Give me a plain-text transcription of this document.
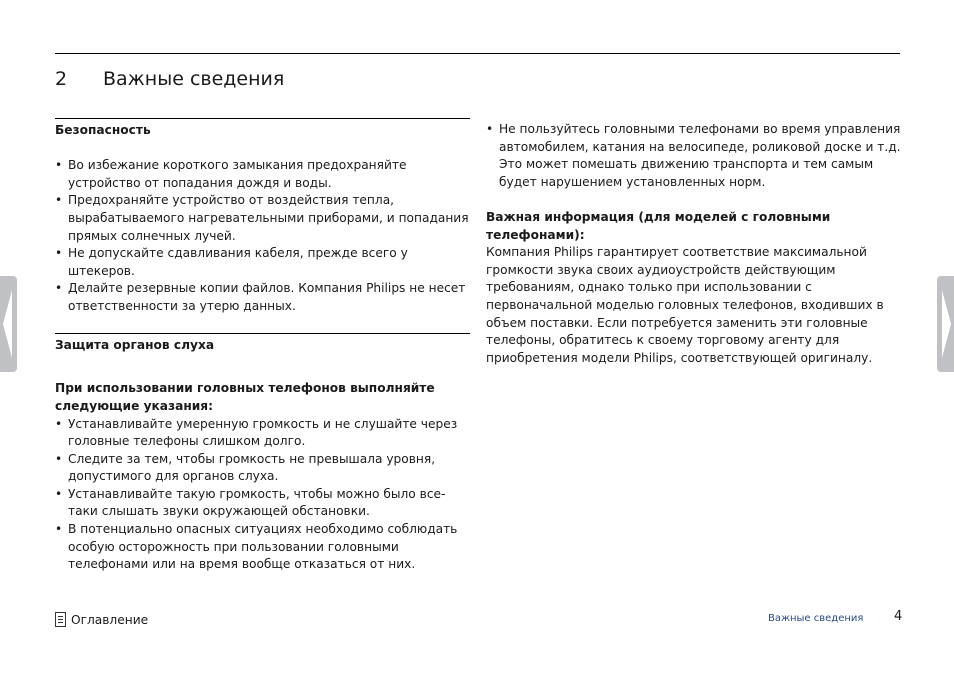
2 Важные сведения
Безопасность
• Во избежание короткого замыкания предохраняйте устройство от попадания дождя и воды.
• Предохраняйте устройство от воздействия тепла, вырабатываемого нагревательными приборами, и попадания прямых солнечных лучей.
• Не допускайте сдавливания кабеля, прежде всего у штекеров.
• Делайте резервные копии файлов. Компания Philips не несет ответственности за утерю данных.
Защита органов слуха
При использовании головных телефонов выполняйте следующие указания:
• Устанавливайте умеренную громкость и не слушайте через головные телефоны слишком долго.
• Следите за тем, чтобы громкость не превышала уровня, допустимого для органов слуха.
• Устанавливайте такую громкость, чтобы можно было все-таки слышать звуки окружающей обстановки.
• В потенциально опасных ситуациях необходимо соблюдать особую осторожность при пользовании головными телефонами или на время вообще отказаться от них.
• Не пользуйтесь головными телефонами во время управления автомобилем, катания на велосипеде, роликовой доске и т.д. Это может помешать движению транспорта и тем самым будет нарушением установленных норм.
Важная информация (для моделей с головными телефонами):

Компания Philips гарантирует соответствие максимальной громкости звука своих аудиоустройств действующим требованиям, однако только при использовании с первоначальной моделью головных телефонов, входивших в объем поставки. Если потребуется заменить эти головные телефоны, обратитесь к своему торговому агенту для приобретения модели Philips, соответствующей оригиналу.

Оглавление	Важные сведения 4
